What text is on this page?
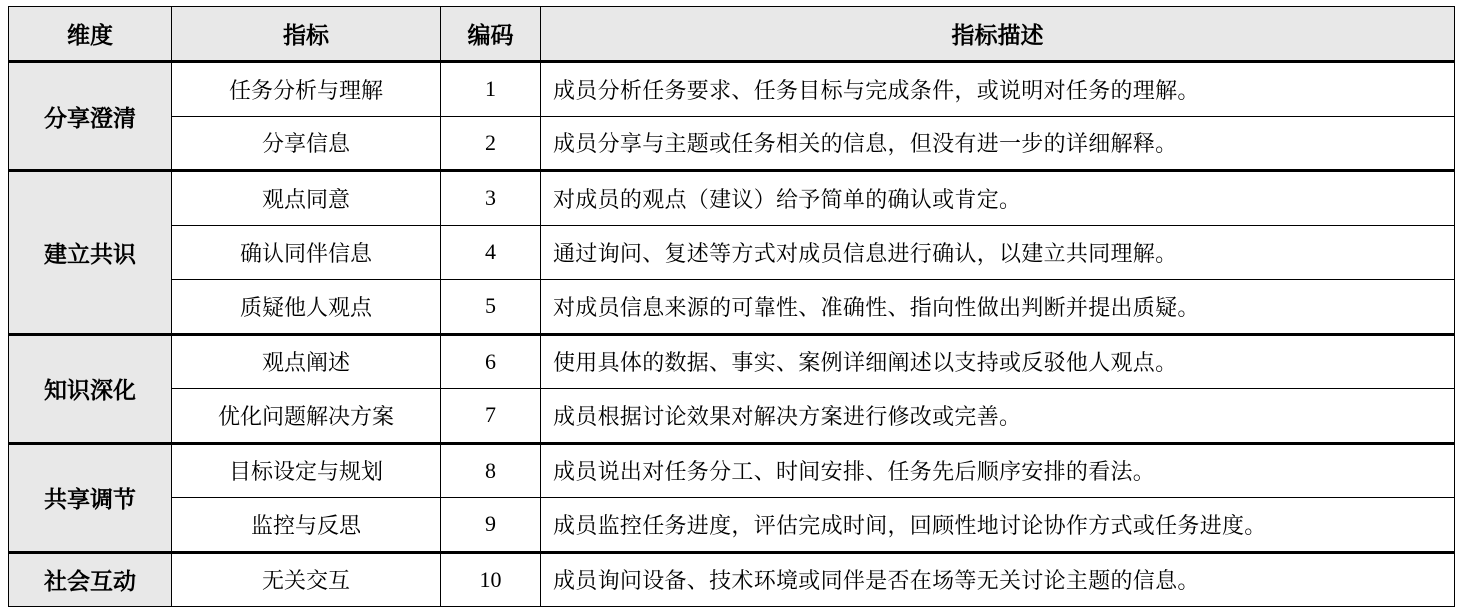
维度	指标	编码	指标描述
分享澄清	任务分析与理解	1	成员分析任务要求、任务目标与完成条件，或说明对任务的理解。
	分享信息	2	成员分享与主题或任务相关的信息，但没有进一步的详细解释。
建立共识	观点同意	3	对成员的观点（建议）给予简单的确认或肯定。
	确认同伴信息	4	通过询问、复述等方式对成员信息进行确认，以建立共同理解。
	质疑他人观点	5	对成员信息来源的可靠性、准确性、指向性做出判断并提出质疑。
知识深化	观点阐述	6	使用具体的数据、事实、案例详细阐述以支持或反驳他人观点。
	优化问题解决方案	7	成员根据讨论效果对解决方案进行修改或完善。
共享调节	目标设定与规划	8	成员说出对任务分工、时间安排、任务先后顺序安排的看法。
	监控与反思	9	成员监控任务进度，评估完成时间，回顾性地讨论协作方式或任务进度。
社会互动	无关交互	10	成员询问设备、技术环境或同伴是否在场等无关讨论主题的信息。
